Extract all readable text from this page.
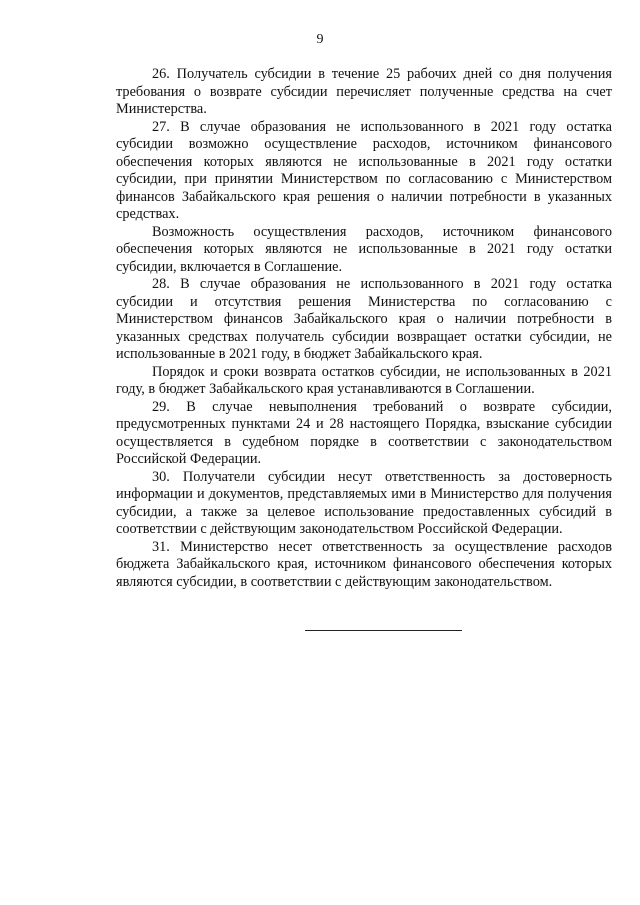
9

26. Получатель субсидии в течение 25 рабочих дней со дня получения требования о возврате субсидии перечисляет полученные средства на счет Министерства.

27. В случае образования не использованного в 2021 году остатка субсидии возможно осуществление расходов, источником финансового обеспечения которых являются не использованные в 2021 году остатки субсидии, при принятии Министерством по согласованию с Министерством финансов Забайкальского края решения о наличии потребности в указанных средствах.

Возможность осуществления расходов, источником финансового обеспечения которых являются не использованные в 2021 году остатки субсидии, включается в Соглашение.

28. В случае образования не использованного в 2021 году остатка субсидии и отсутствия решения Министерства по согласованию с Министерством финансов Забайкальского края о наличии потребности в указанных средствах получатель субсидии возвращает остатки субсидии, не использованные в 2021 году, в бюджет Забайкальского края.

Порядок и сроки возврата остатков субсидии, не использованных в 2021 году, в бюджет Забайкальского края устанавливаются в Соглашении.

29. В случае невыполнения требований о возврате субсидии, предусмотренных пунктами 24 и 28 настоящего Порядка, взыскание субсидии осуществляется в судебном порядке в соответствии с законодательством Российской Федерации.

30. Получатели субсидии несут ответственность за достоверность информации и документов, представляемых ими в Министерство для получения субсидии, а также за целевое использование предоставленных субсидий в соответствии с действующим законодательством Российской Федерации.

31. Министерство несет ответственность за осуществление расходов бюджета Забайкальского края, источником финансового обеспечения которых являются субсидии, в соответствии с действующим законодательством.
